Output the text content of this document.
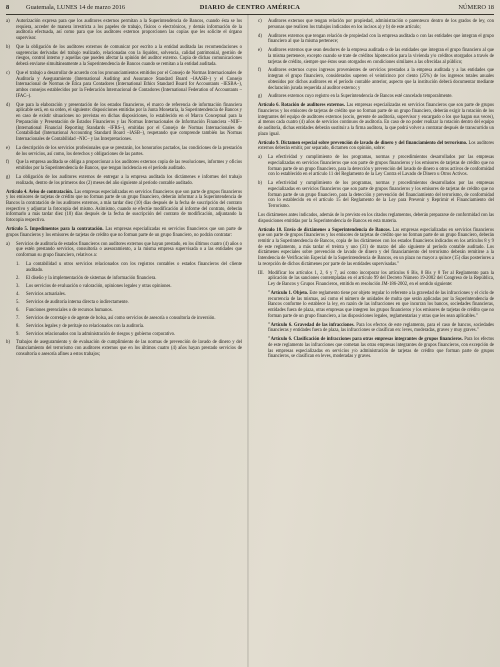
8	Guatemala, LUNES 14 de marzo 2016	DIARIO de CENTRO AMÉRICA	NÚMERO 18
a)	Autorización expresa para que los auditores externos permitan a la Superintendencia de Bancos, cuando ésta se los requiera, acceder de manera irrestricta a los papeles de trabajo, físicos o electrónicos, y demás información de la auditoría efectuada, así como para que los auditores externos proporcionen las copias que les solicite el órgano supervisor.
b)	Que la obligación de los auditores externos de comunicar por escrito a la entidad auditada las recomendaciones o sugerencias derivadas del trabajo realizado, relacionadas con la liquidez, solvencia, calidad patrimonial, gestión de riesgos, control interno y aquellas que pueden afectar la opinión del auditor externo. Copia de dichas comunicaciones deberá enviarse simultáneamente a la Superintendencia de Bancos cuando se remitan a la entidad auditada.
c)	Que el trabajo a desarrollar de acuerdo con los pronunciamientos emitidos por el Consejo de Normas Internacionales de Auditoría y Aseguramiento (International Auditing and Assurance Standard Board –IAASB–) y el Consejo Internacional de Normas de Ética para Contadores (International Ethics Standard Board for Accountants –IESBA–), ambos consejos establecidos por la Federación Internacional de Contadores (International Federation of Accountants –IFAC–).
d)	Que para la elaboración y presentación de los estados financieros, el marco de referencia de información financiera aplicable será, en su orden, el siguiente: disposiciones emitidas por la Junta Monetaria, la Superintendencia de Bancos y en caso de existir situaciones no previstas en dichas disposiciones, lo establecido en el Marco Conceptual para la Preparación y Presentación de Estados Financieros y las Normas Internacionales de Información Financiera –NIIF– (International Financial Reporting Standards –IFRS–), emitidas por el Consejo de Normas Internacionales de Contabilidad (International Accounting Standard Board –IASB–), respetando que comprende también las Normas Internacionales de Contabilidad –NIC– y las Interpretaciones.
e)	La descripción de los servicios profesionales que se prestarán, los honorarios pactados, las condiciones de la prestación de los servicios, así como, los derechos y obligaciones de las partes.
f)	Que la empresa auditada se obliga a proporcionar a los auditores externos copia de las resoluciones, informes y oficios emitidos por la Superintendencia de Bancos, que tengan incidencia en el período auditado.
g)	La obligación de los auditores externos de entregar a la empresa auditada los dictámenes e informes del trabajo realizado, dentro de los primeros dos (2) meses del año siguiente al período contable auditado.
Artículo 4. Aviso de contratación. Las empresas especializadas en servicios financieros que son parte de grupos financieros y los emisores de tarjetas de crédito que no forman parte de un grupo financiero, deberán informar a la Superintendencia de Bancos la contratación de los auditores externos, a más tardar diez (10) días después de la fecha de suscripción del contrato respectivo y adjuntar la fotocopia del mismo. Asimismo, cuando se efectúe modificación al informe del contrato, deberán informarlo a más tardar diez (10) días después de la fecha de suscripción del contrato de modificación, adjuntando la fotocopia respectiva.
Artículo 5. Impedimentos para la contratación. Las empresas especializadas en servicios financieros que son parte de grupos financieros y los emisores de tarjetas de crédito que no forman parte de un grupo financiero, no podrán contratar:
a)	Servicios de auditoría de estados financieros con auditores externos que hayan prestado, en los últimos cuatro (4) años o que estén prestando servicios, consultoría o asesoramiento, a la misma empresa supervisada o a las entidades que conforman su grupo financiero, relativos a:
1.	La contabilidad u otros servicios relacionados con los registros contables o estados financieros del cliente auditado.
2.	El diseño y la implementación de sistemas de información financiera.
3.	Los servicios de evaluación o valoración, opiniones legales y otras opiniones.
4.	Servicios actuariales.
5.	Servicios de auditoría interna directa o indirectamente.
6.	Funciones gerenciales o de recursos humanos.
7.	Servicios de corretaje o de agente de bolsa, así como servicios de asesoría o consultoría de inversión.
8.	Servicios legales y de peritaje no relacionados con la auditoría.
9.	Servicios relacionados con la administración de riesgos y gobierno corporativo.
b)	Trabajos de aseguramiento y de evaluación de cumplimiento de las normas de prevención de lavado de dinero y del financiamiento del terrorismo con auditores externos que en los últimos cuatro (4) años hayan prestado servicios de consultoría o asesoría afines a estos trabajos;
c)	Auditores externos que tengan relación por propiedad, administración o parentesco dentro de los grados de ley, con personas que realicen los trabajos indicados en los incisos a) y b) de este artículo;
d)	Auditores externos que tengan relación de propiedad con la empresa auditada o con las entidades que integran el grupo financiero al que la misma pertenece;
e)	Auditores externos que sean deudores de la empresa auditada o de las entidades que integran el grupo financiero al que la misma pertenece, excepto cuando se trate de créditos hipotecarios para la vivienda y/o créditos otorgados a través de tarjetas de crédito, siempre que éstos sean otorgados en condiciones similares a las ofrecidas al público;
f)	Auditores externos cuyos ingresos provenientes de servicios prestados a la empresa auditada y a las entidades que integran el grupo financiero, considerados superen el veinticinco por ciento (25%) de los ingresos totales anuales obtenidos por dichos auditores en el período contable anterior, aspecto que la institución deberá documentar mediante declaración jurada requerida al auditor externo; y
g)	Auditores externos cuyo registro en la Superintendencia de Bancos esté cancelado temporalmente.
Artículo 6. Rotación de auditores externos. Las empresas especializadas en servicios financieros que son parte de grupos financieros y los emisores de tarjetas de crédito que no forman parte de un grupo financiero, deberán exigir la rotación de los integrantes del equipo de auditores externos (socio, gerente de auditoría, supervisor y encargado o los que hagan sus veces), al menos cada cuatro (4) años de servicios continuos de auditoría. En caso de no poder realizar la rotación dentro del equipo de auditoría, dichas entidades deberán sustituir a la firma auditora, la que podrá volver a contratar después de transcurrido un plazo igual.
Artículo 9. Dictamen especial sobre prevención de lavado de dinero y del financiamiento del terrorismo. Los auditores externos deberán emitir, por separado, dictamen con opinión, sobre:
a)	La efectividad y cumplimiento de los programas, normas y procedimientos desarrollados por las empresas especializadas en servicios financieros que son parte de grupos financieros y los emisores de tarjetas de crédito que no forman parte de un grupo financiero, para la detección y prevención del lavado de dinero u otros activos de conformidad con lo establecido en el artículo 11 del Reglamento de la Ley Contra el Lavado de Dinero u Otros Activos.
b)	La efectividad y cumplimiento de los programas, normas y procedimientos desarrollados por las empresas especializadas en servicios financieros que son parte de grupos financieros y los emisores de tarjetas de crédito que no forman parte de un grupo financiero, para la detección y prevención del financiamiento del terrorismo, de conformidad con lo establecido en el artículo 15 del Reglamento de la Ley para Prevenir y Reprimir el Financiamiento del Terrorismo.
Los dictámenes antes indicados, además de lo previsto en los citados reglamentos, deberán prepararse de conformidad con las disposiciones emitidas por la Superintendencia de Bancos en esta materia.
Artículo 10. Envío de dictámenes a Superintendencia de Bancos. Las empresas especializadas en servicios financieros que son parte de grupos financieros y los emisores de tarjetas de crédito que no forman parte de un grupo financiero, deberán remitir a la Superintendencia de Bancos, copia de los dictámenes con los estados financieros indicados en los artículos 8 y 9 de este reglamento, a más tardar el treinta y uno (31) de marzo del año siguiente al período contable auditado. Los dictámenes especiales sobre prevención de lavado de dinero y del financiamiento del terrorismo deberán remitirse a la Intendencia de Verificación Especial de la Superintendencia de Bancos, en un plazo no mayor a quince (15) días posteriores a la recepción de dichos dictámenes por parte de las entidades supervisadas."
III. Modificar los artículos 1, 2, 6 y 7, así como incorporar los artículos 6 Bis, 8 Bis y 8 Ter al Reglamento para la aplicación de las sanciones contempladas en el artículo 99 del Decreto Número 19-2002 del Congreso de la República, Ley de Bancos y Grupos Financieros, emitido en resolución JM-186-2002, en el sentido siguiente:
"Artículo 1. Objeto. Este reglamento tiene por objeto regular lo referente a la gravedad de las infracciones y el ciclo de recurrencia de las mismas, así como el número de unidades de multa que serán aplicadas por la Superintendencia de Bancos conforme lo establece la ley, en razón de las infracciones en que incurran los bancos, sociedades financieras, entidades fuera de plaza, otras empresas que integren los grupos financieros y los emisores de tarjetas de crédito que no forman parte de un grupo financiero, a las disposiciones legales, reglamentarias y otras que les sean aplicables."
"Artículo 6. Gravedad de las infracciones. Para los efectos de este reglamento, para el caso de bancos, sociedades financieras y entidades fuera de plaza, las infracciones se clasifican en: leves, moderadas, graves y muy graves."
"Artículo 6. Clasificación de infracciones para otras empresas integrantes de grupos financieros. Para los efectos de este reglamento las infracciones que cometan las otras empresas integrantes de grupos financieros, con excepción de las empresas especializadas en servicios y/o administración de tarjetas de crédito que forman parte de grupos financieros, se clasifican en leves, moderadas y graves.
